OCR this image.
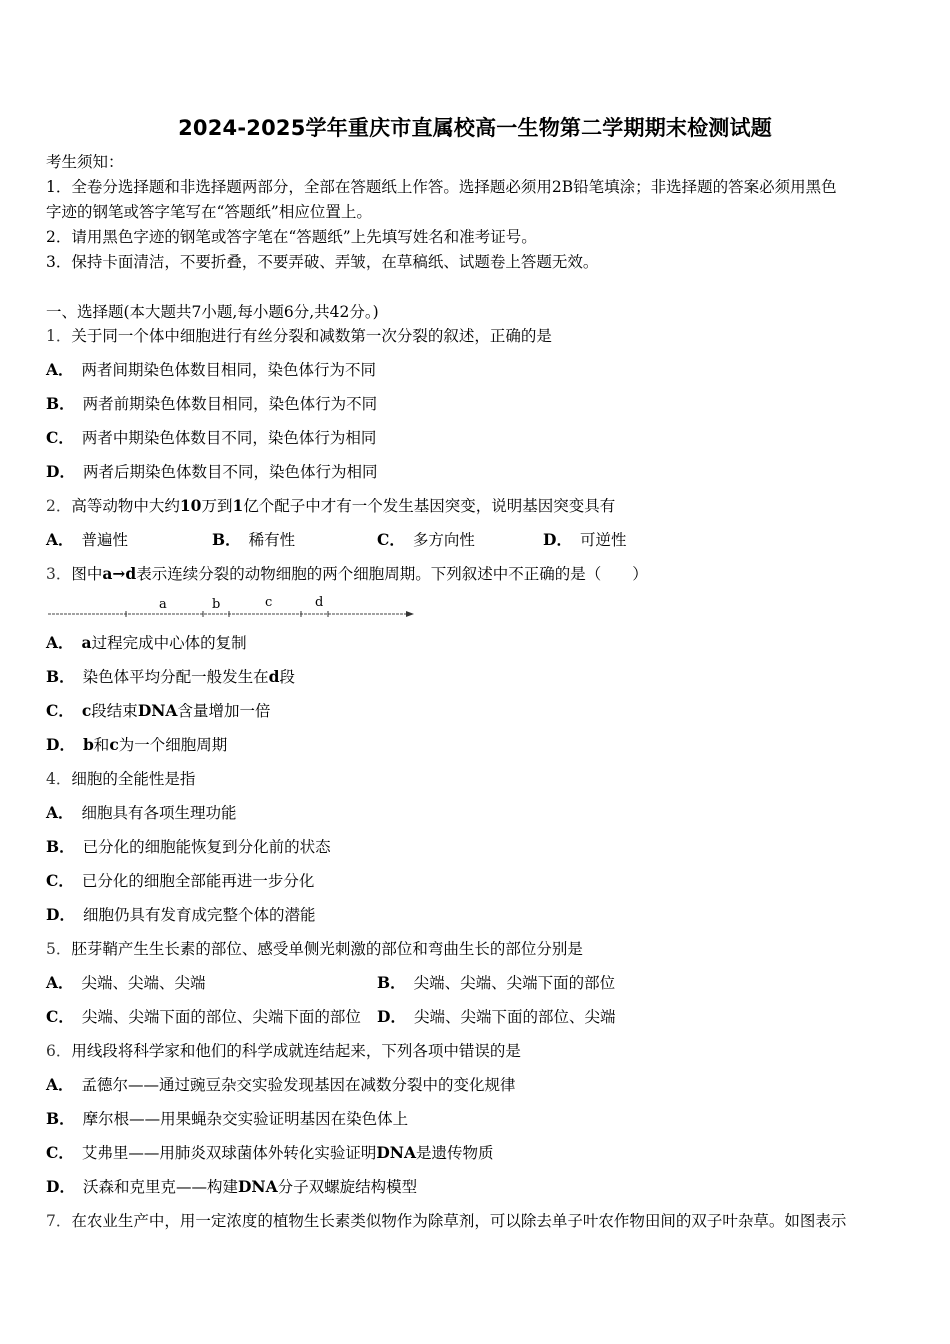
2024-2025学年重庆市直属校高一生物第二学期期末检测试题
考生须知：
1．全卷分选择题和非选择题两部分，全部在答题纸上作答。选择题必须用2B铅笔填涂；非选择题的答案必须用黑色
字迹的钢笔或答字笔写在“答题纸”相应位置上。
2．请用黑色字迹的钢笔或答字笔在“答题纸”上先填写姓名和准考证号。
3．保持卡面清洁，不要折叠，不要弄破、弄皱，在草稿纸、试题卷上答题无效。
一、选择题(本大题共7小题,每小题6分,共42分。)
1．关于同一个体中细胞进行有丝分裂和减数第一次分裂的叙述，正确的是
A． 两者间期染色体数目相同，染色体行为不同
B． 两者前期染色体数目相同，染色体行为不同
C． 两者中期染色体数目不同，染色体行为相同
D． 两者后期染色体数目不同，染色体行为相同
2．高等动物中大约10万到1亿个配子中才有一个发生基因突变，说明基因突变具有
A． 普遍性	B． 稀有性	C． 多方向性	D． 可逆性
3．图中a→d表示连续分裂的动物细胞的两个细胞周期。下列叙述中不正确的是（　　）
a	b	c	d
A． a过程完成中心体的复制
B． 染色体平均分配一般发生在d段
C． c段结束DNA含量增加一倍
D． b和c为一个细胞周期
4．细胞的全能性是指
A． 细胞具有各项生理功能
B． 已分化的细胞能恢复到分化前的状态
C． 已分化的细胞全部能再进一步分化
D． 细胞仍具有发育成完整个体的潜能
5．胚芽鞘产生生长素的部位、感受单侧光刺激的部位和弯曲生长的部位分别是
A． 尖端、尖端、尖端	B． 尖端、尖端、尖端下面的部位
C． 尖端、尖端下面的部位、尖端下面的部位 D． 尖端、尖端下面的部位、尖端
6．用线段将科学家和他们的科学成就连结起来，下列各项中错误的是
A． 孟德尔——通过豌豆杂交实验发现基因在减数分裂中的变化规律
B． 摩尔根——用果蝇杂交实验证明基因在染色体上
C． 艾弗里——用肺炎双球菌体外转化实验证明DNA是遗传物质
D． 沃森和克里克——构建DNA分子双螺旋结构模型
7．在农业生产中，用一定浓度的植物生长素类似物作为除草剂，可以除去单子叶农作物田间的双子叶杂草。如图表示
